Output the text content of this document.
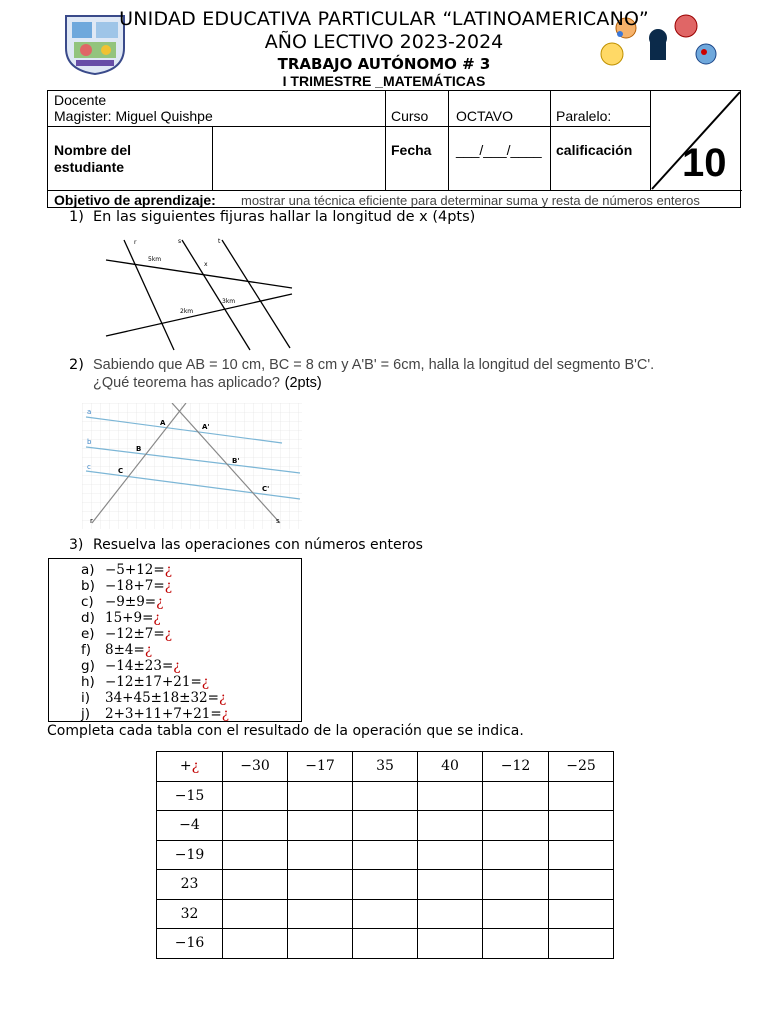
UNIDAD EDUCATIVA PARTICULAR “LATINOAMERICANO”
AÑO LECTIVO 2023-2024
TRABAJO AUTÓNOMO # 3
I TRIMESTRE _MATEMÁTICAS
Docente
Magister: Miguel Quishpe	Curso OCTAVO	Paralelo:
Nombre del estudiante
Fecha ___/___/____ calificación 10
Objetivo de aprendizaje: mostrar una técnica eficiente para determinar suma y resta de números enteros
1) En las siguientes fijuras hallar la longitud de x (4pts)
r	s	t
5km
x
3km
2km
2) Sabiendo que AB = 10 cm, BC = 8 cm y A'B' = 6cm, halla la longitud del segmento B'C'.
¿Qué teorema has aplicado? (2pts)
a
b
c
A
B
C
A'
B'
C'
r	s
3) Resuelva las operaciones con números enteros
a) −5+12=¿
b) −18+7=¿
c) −9±9=¿
d) 15+9=¿
e) −12±7=¿
f) 8±4=¿
g) −14±23=¿
h) −12±17+21=¿
i) 34+45±18±32=¿
j) 2+3+11+7+21=¿
Completa cada tabla con el resultado de la operación que se indica.
+¿	−30	−17	35	40	−12	−25
−15						
−4						
−19						
23						
32						
−16						
